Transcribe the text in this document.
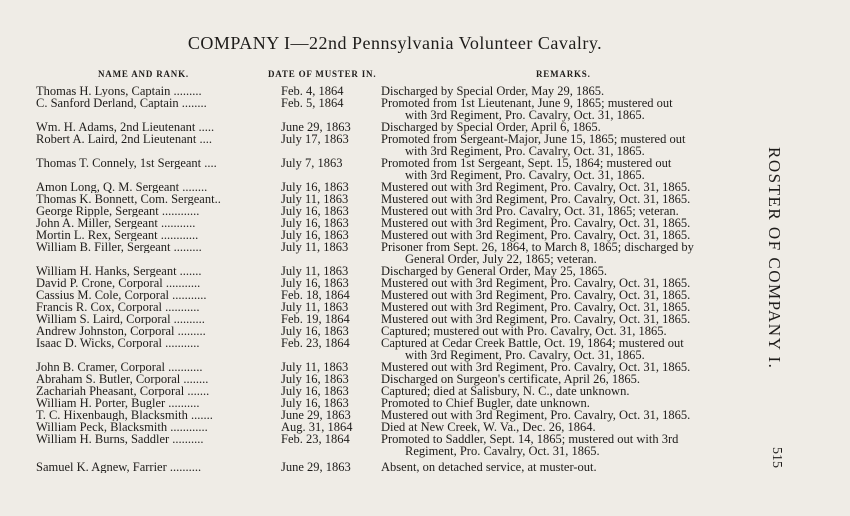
COMPANY I—22nd Pennsylvania Volunteer Cavalry.
NAME AND RANK.	DATE OF MUSTER IN.	REMARKS.
Thomas H. Lyons, Captain .........	Feb. 4, 1864	Discharged by Special Order, May 29, 1865.
C. Sanford Derland, Captain ........	Feb. 5, 1864	Promoted from 1st Lieutenant, June 9, 1865; mustered out
with 3rd Regiment, Pro. Cavalry, Oct. 31, 1865.
Wm. H. Adams, 2nd Lieutenant .....	June 29, 1863	Discharged by Special Order, April 6, 1865.
Robert A. Laird, 2nd Lieutenant ....	July 17, 1863	Promoted from Sergeant-Major, June 15, 1865; mustered out
with 3rd Regiment, Pro. Cavalry, Oct. 31, 1865.
Thomas T. Connely, 1st Sergeant ....	July 7, 1863	Promoted from 1st Sergeant, Sept. 15, 1864; mustered out
with 3rd Regiment, Pro. Cavalry, Oct. 31, 1865.
Amon Long, Q. M. Sergeant ........	July 16, 1863	Mustered out with 3rd Regiment, Pro. Cavalry, Oct. 31, 1865.
Thomas K. Bonnett, Com. Sergeant..	July 11, 1863	Mustered out with 3rd Regiment, Pro. Cavalry, Oct. 31, 1865.
George Ripple, Sergeant ............	July 16, 1863	Mustered out with 3rd Pro. Cavalry, Oct. 31, 1865; veteran.
John A. Miller, Sergeant ...........	July 16, 1863	Mustered out with 3rd Regiment, Pro. Cavalry, Oct. 31, 1865.
Mortin L. Rex, Sergeant ............	July 16, 1863	Mustered out with 3rd Regiment, Pro. Cavalry, Oct. 31, 1865.
William B. Filler, Sergeant .........	July 11, 1863	Prisoner from Sept. 26, 1864, to March 8, 1865; discharged by
General Order, July 22, 1865; veteran.
William H. Hanks, Sergeant .......	July 11, 1863	Discharged by General Order, May 25, 1865.
David P. Crone, Corporal ...........	July 16, 1863	Mustered out with 3rd Regiment, Pro. Cavalry, Oct. 31, 1865.
Cassius M. Cole, Corporal ...........	Feb. 18, 1864	Mustered out with 3rd Regiment, Pro. Cavalry, Oct. 31, 1865.
Francis R. Cox, Corporal ...........	July 11, 1863	Mustered out with 3rd Regiment, Pro. Cavalry, Oct. 31, 1865.
William S. Laird, Corporal ..........	Feb. 19, 1864	Mustered out with 3rd Regiment, Pro. Cavalry, Oct. 31, 1865.
Andrew Johnston, Corporal .........	July 16, 1863	Captured; mustered out with Pro. Cavalry, Oct. 31, 1865.
Isaac D. Wicks, Corporal ...........	Feb. 23, 1864	Captured at Cedar Creek Battle, Oct. 19, 1864; mustered out
with 3rd Regiment, Pro. Cavalry, Oct. 31, 1865.
John B. Cramer, Corporal ...........	July 11, 1863	Mustered out with 3rd Regiment, Pro. Cavalry, Oct. 31, 1865.
Abraham S. Butler, Corporal ........	July 16, 1863	Discharged on Surgeon's certificate, April 26, 1865.
Zachariah Pheasant, Corporal .......	July 16, 1863	Captured; died at Salisbury, N. C., date unknown.
William H. Porter, Bugler ..........	July 16, 1863	Promoted to Chief Bugler, date unknown.
T. C. Hixenbaugh, Blacksmith .......	June 29, 1863	Mustered out with 3rd Regiment, Pro. Cavalry, Oct. 31, 1865.
William Peck, Blacksmith ............	Aug. 31, 1864	Died at New Creek, W. Va., Dec. 26, 1864.
William H. Burns, Saddler ..........	Feb. 23, 1864	Promoted to Saddler, Sept. 14, 1865; mustered out with 3rd
Regiment, Pro. Cavalry, Oct. 31, 1865.
Samuel K. Agnew, Farrier ..........	June 29, 1863	Absent, on detached service, at muster-out.
ROSTER OF COMPANY I.
515
